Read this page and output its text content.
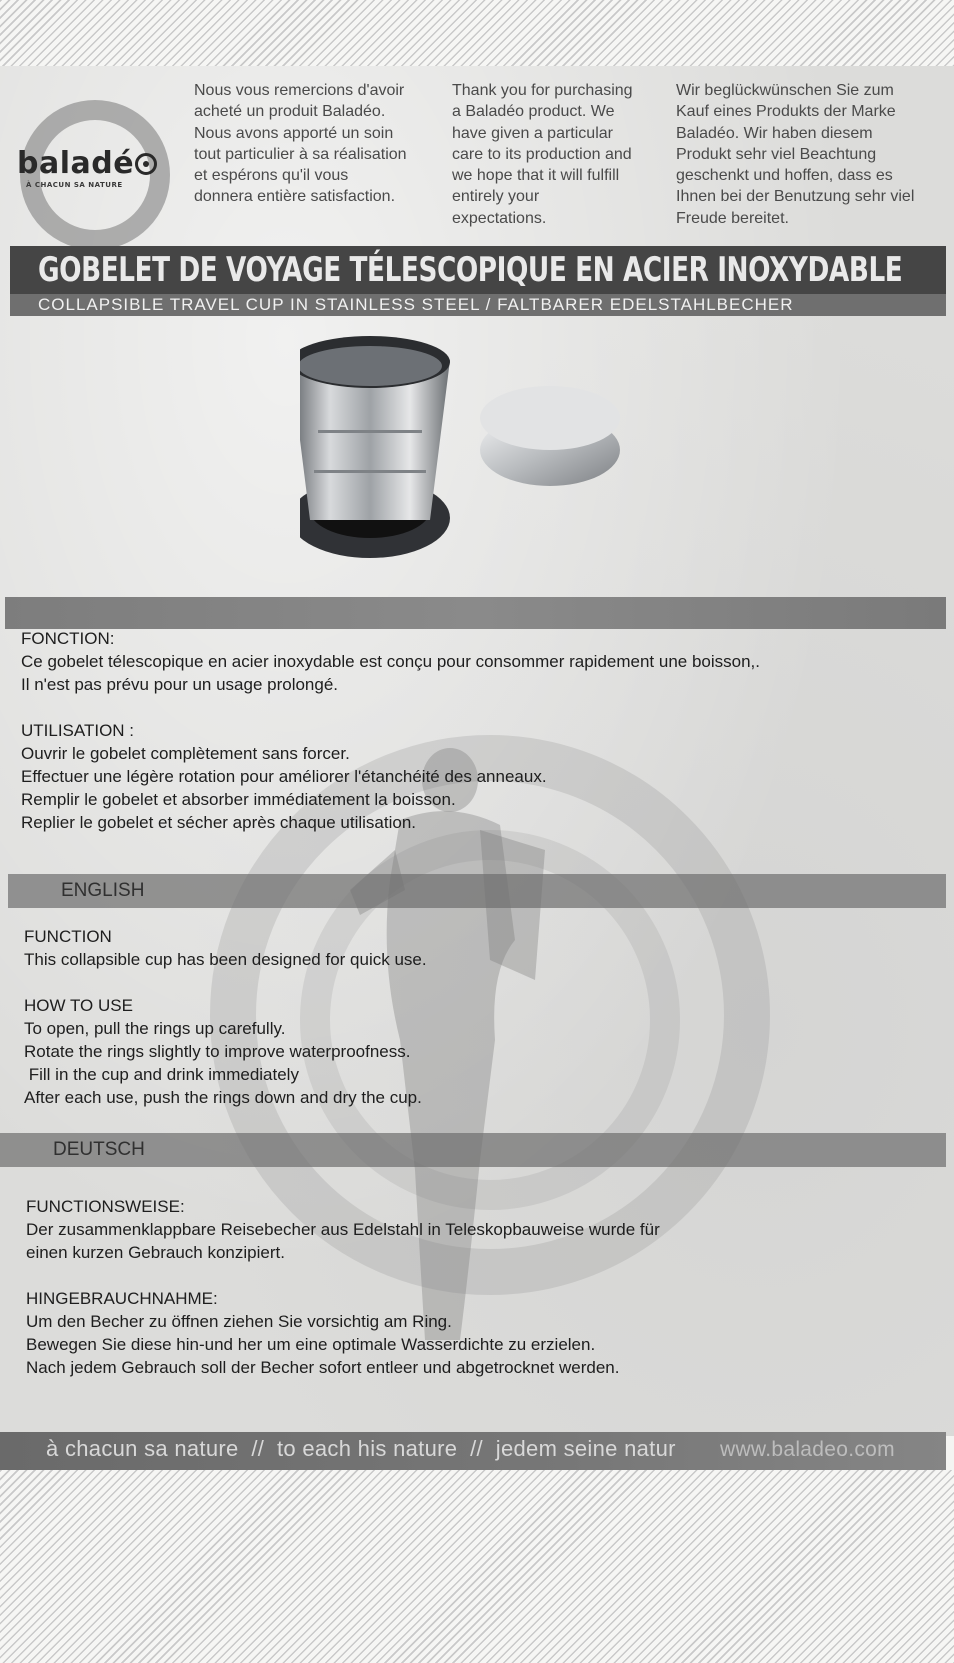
baladé
À CHACUN SA NATURE
Nous vous remercions d'avoir
acheté un produit Baladéo.
Nous avons apporté un soin
tout particulier à sa réalisation
et espérons qu'il vous
donnera entière satisfaction.
Thank you for purchasing
a Baladéo product. We
have given a particular
care to its production and
we hope that it will fulfill
entirely your
expectations.
Wir beglückwünschen Sie zum
Kauf eines Produkts der Marke
Baladéo. Wir haben diesem
Produkt sehr viel Beachtung
geschenkt und hoffen, dass es
Ihnen bei der Benutzung sehr viel
Freude bereitet.
GOBELET DE VOYAGE TÉLESCOPIQUE EN ACIER INOXYDABLE
COLLAPSIBLE TRAVEL CUP IN STAINLESS STEEL / FALTBARER EDELSTAHLBECHER
FONCTION:
Ce gobelet télescopique en acier inoxydable est conçu pour consommer rapidement une boisson,.
Il n'est pas prévu pour un usage prolongé.
UTILISATION :
Ouvrir le gobelet complètement sans forcer.
Effectuer une légère rotation pour améliorer l'étanchéité des anneaux.
Remplir le gobelet et absorber immédiatement la boisson.
Replier le gobelet et sécher après chaque utilisation.
ENGLISH
FUNCTION
This collapsible cup has been designed for quick use.
HOW TO USE
To open, pull the rings up carefully.
Rotate the rings slightly to improve waterproofness.
Fill in the cup and drink immediately
After each use, push the rings down and dry the cup.
DEUTSCH
FUNCTIONSWEISE:
Der zusammenklappbare Reisebecher aus Edelstahl in Teleskopbauweise wurde für
einen kurzen Gebrauch konzipiert.
HINGEBRAUCHNAHME:
Um den Becher zu öffnen ziehen Sie vorsichtig am Ring.
Bewegen Sie diese hin-und her um eine optimale Wasserdichte zu erzielen.
Nach jedem Gebrauch soll der Becher sofort entleer und abgetrocknet werden.
à chacun sa nature  //  to each his nature  //  jedem seine natur www.baladeo.com
